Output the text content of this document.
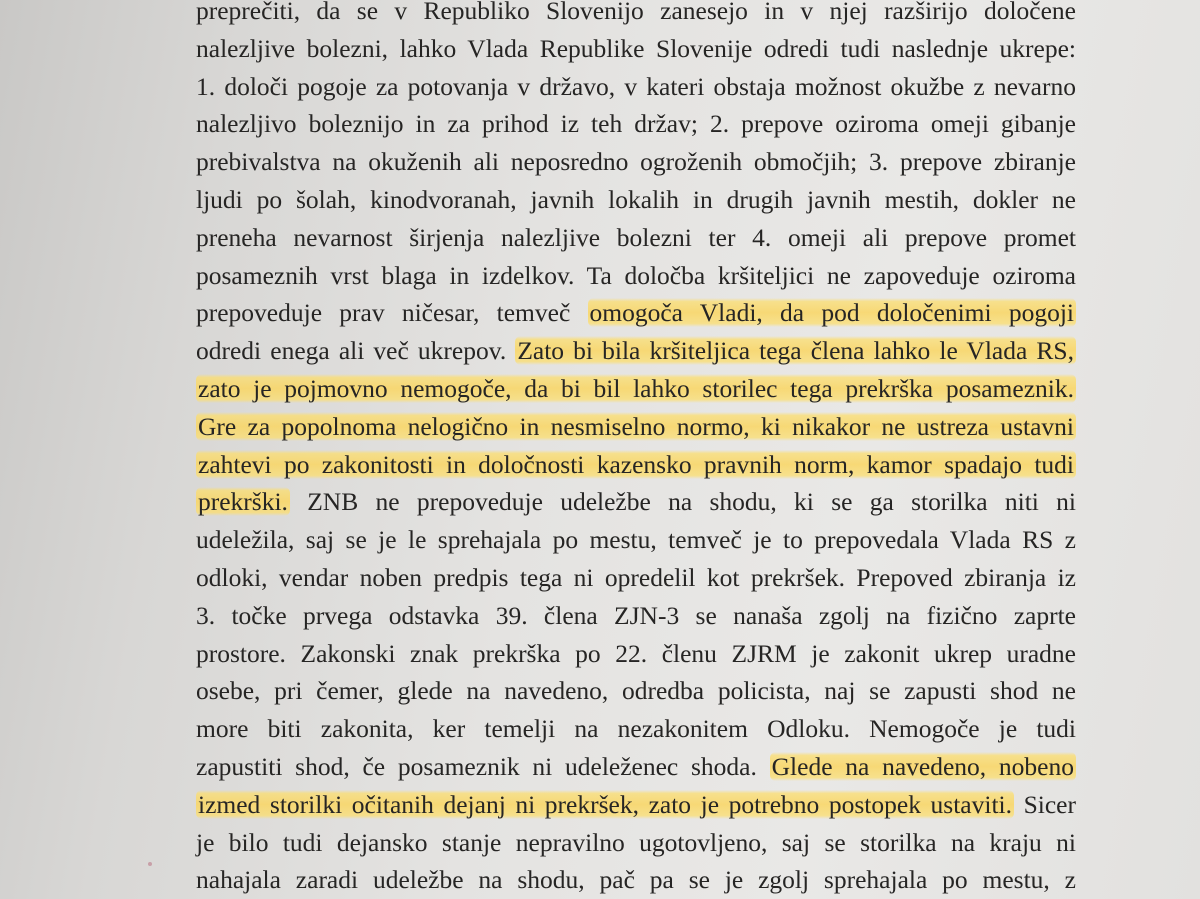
preprečiti, da se v Republiko Slovenijo zanesejo in v njej razširijo določene
nalezljive bolezni, lahko Vlada Republike Slovenije odredi tudi naslednje ukrepe:
1. določi pogoje za potovanja v državo, v kateri obstaja možnost okužbe z nevarno
nalezljivo boleznijo in za prihod iz teh držav; 2. prepove oziroma omeji gibanje
prebivalstva na okuženih ali neposredno ogroženih območjih; 3. prepove zbiranje
ljudi po šolah, kinodvoranah, javnih lokalih in drugih javnih mestih, dokler ne
preneha nevarnost širjenja nalezljive bolezni ter 4. omeji ali prepove promet
posameznih vrst blaga in izdelkov. Ta določba kršiteljici ne zapoveduje oziroma
prepoveduje prav ničesar, temveč omogoča Vladi, da pod določenimi pogoji
odredi enega ali več ukrepov. Zato bi bila kršiteljica tega člena lahko le Vlada RS,
zato je pojmovno nemogoče, da bi bil lahko storilec tega prekrška posameznik.
Gre za popolnoma nelogično in nesmiselno normo, ki nikakor ne ustreza ustavni
zahtevi po zakonitosti in določnosti kazensko pravnih norm, kamor spadajo tudi
prekrški. ZNB ne prepoveduje udeležbe na shodu, ki se ga storilka niti ni
udeležila, saj se je le sprehajala po mestu, temveč je to prepovedala Vlada RS z
odloki, vendar noben predpis tega ni opredelil kot prekršek. Prepoved zbiranja iz
3. točke prvega odstavka 39. člena ZJN-3 se nanaša zgolj na fizično zaprte
prostore. Zakonski znak prekrška po 22. členu ZJRM je zakonit ukrep uradne
osebe, pri čemer, glede na navedeno, odredba policista, naj se zapusti shod ne
more biti zakonita, ker temelji na nezakonitem Odloku. Nemogoče je tudi
zapustiti shod, če posameznik ni udeleženec shoda. Glede na navedeno, nobeno
izmed storilki očitanih dejanj ni prekršek, zato je potrebno postopek ustaviti. Sicer
je bilo tudi dejansko stanje nepravilno ugotovljeno, saj se storilka na kraju ni
nahajala zaradi udeležbe na shodu, pač pa se je zgolj sprehajala po mestu, z
